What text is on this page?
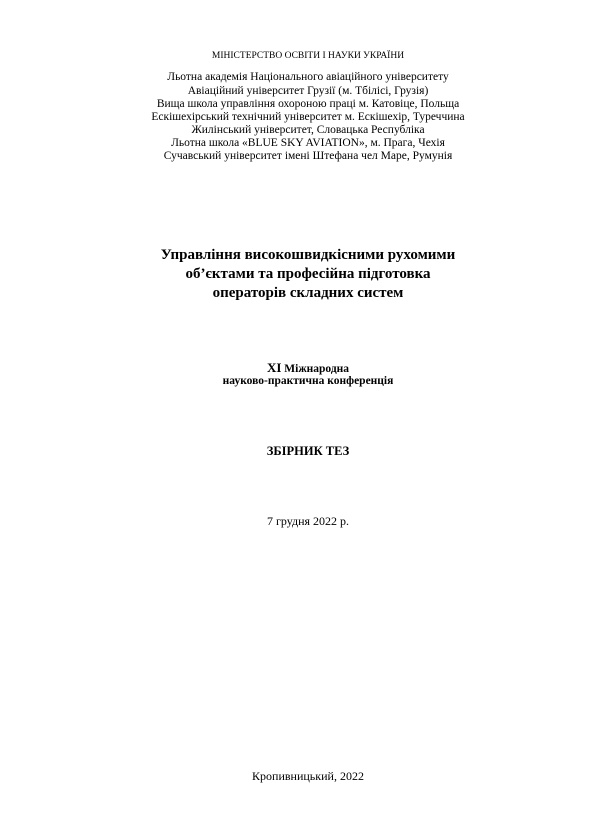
МІНІСТЕРСТВО ОСВІТИ І НАУКИ УКРАЇНИ
Льотна академія Національного авіаційного університету
Авіаційний університет Грузії (м. Тбілісі, Грузія)
Вища школа управління охороною праці м. Катовіце, Польща
Ескішехірський технічний університет м. Ескішехір, Туреччина
Жилінський університет, Словацька Республіка
Льотна школа «BLUE SKY AVIATION», м. Прага, Чехія
Сучавський університет імені Штефана чел Маре, Румунія
Управління високошвидкісними рухомими
об’єктами та професійна підготовка
операторів складних систем
XI Міжнародна
науково-практична конференція
ЗБІРНИК ТЕЗ
7 грудня 2022 р.
Кропивницький, 2022
